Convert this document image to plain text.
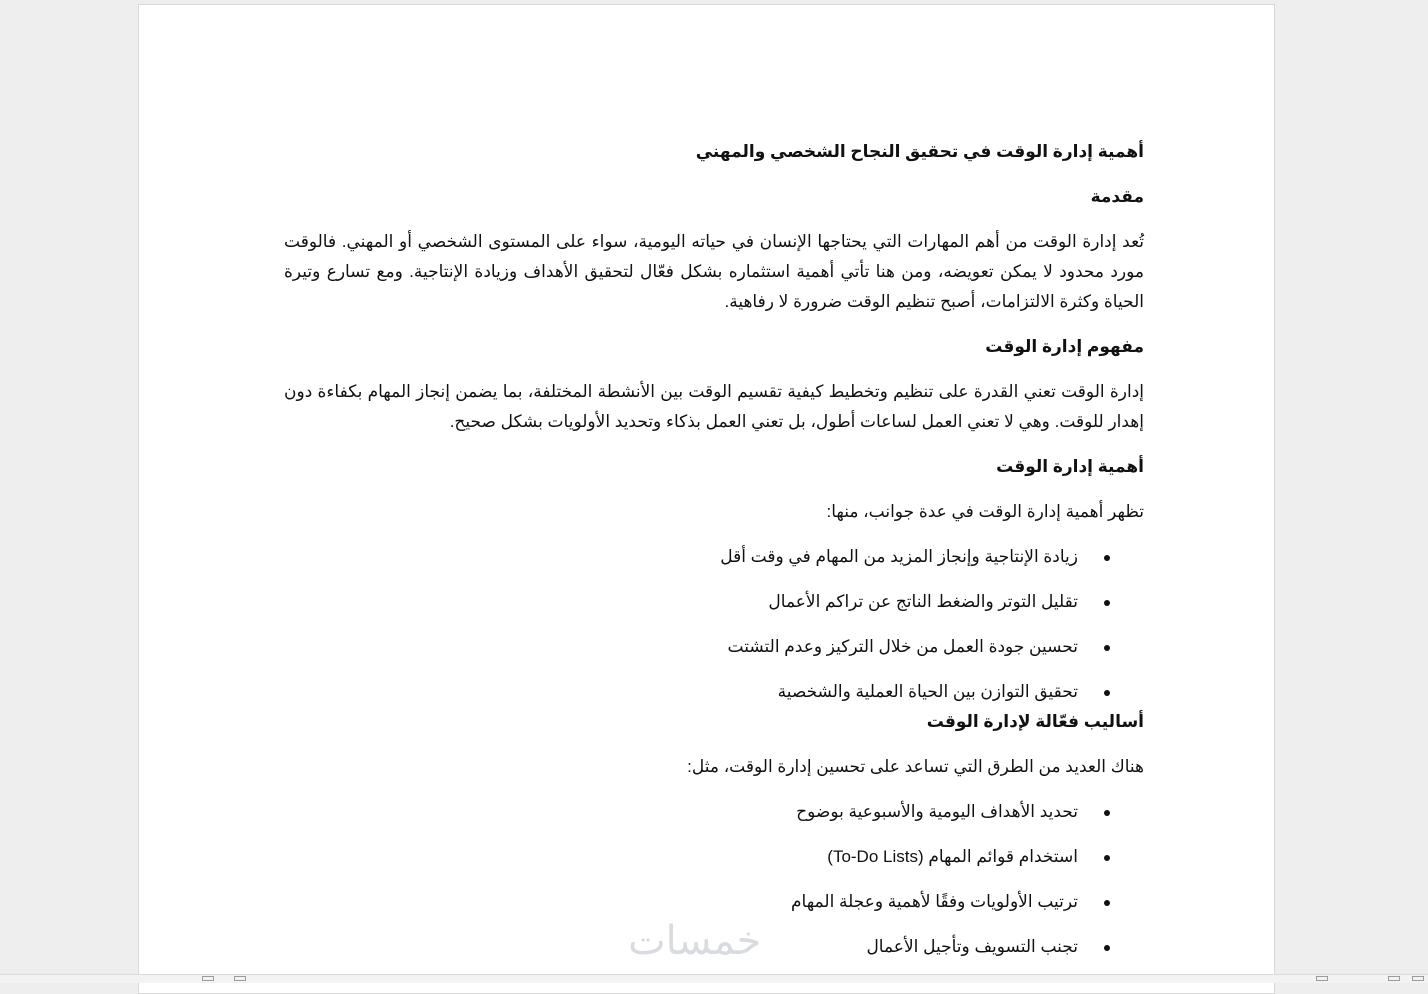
أهمية إدارة الوقت في تحقيق النجاح الشخصي والمهني

مقدمة

تُعد إدارة الوقت من أهم المهارات التي يحتاجها الإنسان في حياته اليومية، سواء على المستوى الشخصي أو المهني. فالوقت مورد محدود لا يمكن تعويضه، ومن هنا تأتي أهمية استثماره بشكل فعّال لتحقيق الأهداف وزيادة الإنتاجية. ومع تسارع وتيرة الحياة وكثرة الالتزامات، أصبح تنظيم الوقت ضرورة لا رفاهية.

مفهوم إدارة الوقت

إدارة الوقت تعني القدرة على تنظيم وتخطيط كيفية تقسيم الوقت بين الأنشطة المختلفة، بما يضمن إنجاز المهام بكفاءة دون إهدار للوقت. وهي لا تعني العمل لساعات أطول، بل تعني العمل بذكاء وتحديد الأولويات بشكل صحيح.

أهمية إدارة الوقت

تظهر أهمية إدارة الوقت في عدة جوانب، منها:

زيادة الإنتاجية وإنجاز المزيد من المهام في وقت أقل
تقليل التوتر والضغط الناتج عن تراكم الأعمال
تحسين جودة العمل من خلال التركيز وعدم التشتت
تحقيق التوازن بين الحياة العملية والشخصية

أساليب فعّالة لإدارة الوقت

هناك العديد من الطرق التي تساعد على تحسين إدارة الوقت، مثل:

تحديد الأهداف اليومية والأسبوعية بوضوح
استخدام قوائم المهام (To-Do Lists)
ترتيب الأولويات وفقًا لأهمية وعجلة المهام
تجنب التسويف وتأجيل الأعمال
خمسات
